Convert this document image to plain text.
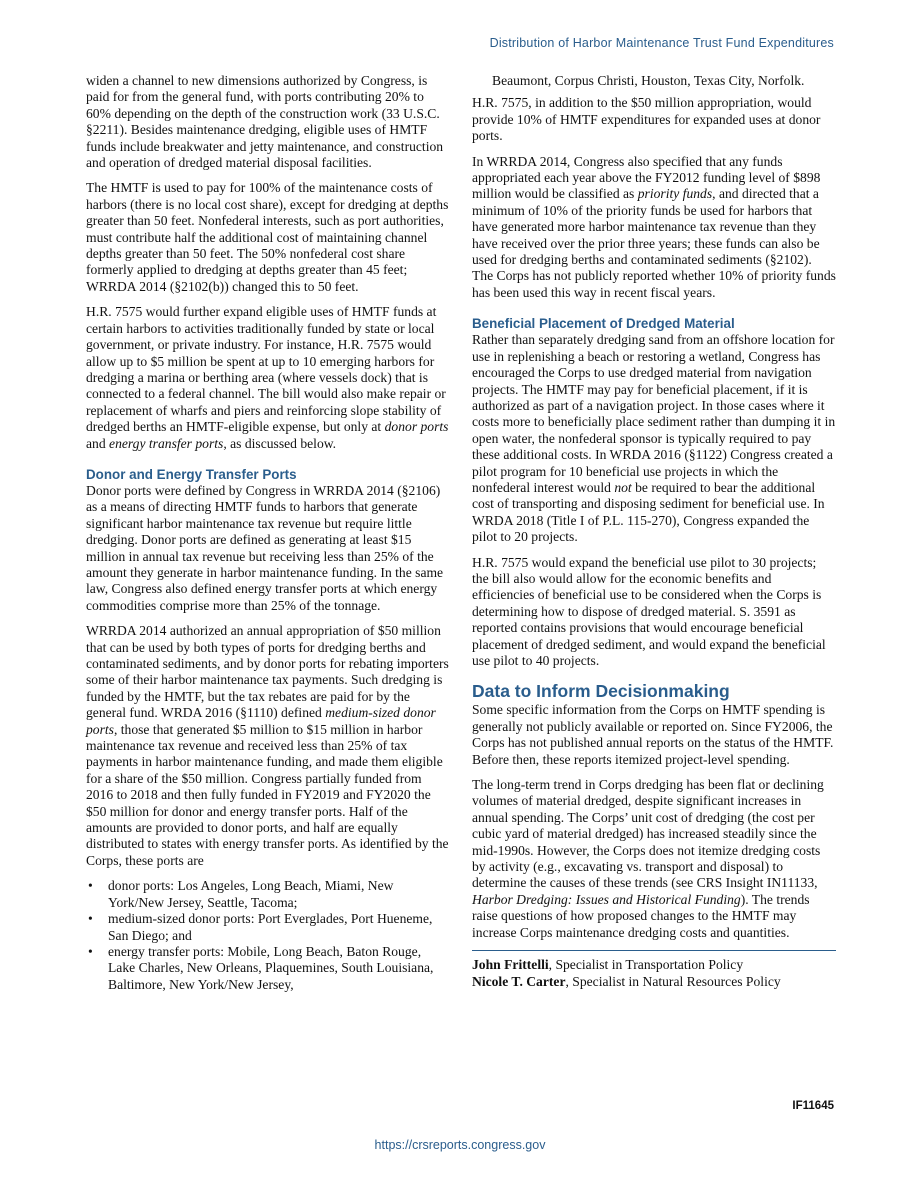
Distribution of Harbor Maintenance Trust Fund Expenditures

widen a channel to new dimensions authorized by Congress, is paid for from the general fund, with ports contributing 20% to 60% depending on the depth of the construction work (33 U.S.C. §2211). Besides maintenance dredging, eligible uses of HMTF funds include breakwater and jetty maintenance, and construction and operation of dredged material disposal facilities.

The HMTF is used to pay for 100% of the maintenance costs of harbors (there is no local cost share), except for dredging at depths greater than 50 feet. Nonfederal interests, such as port authorities, must contribute half the additional cost of maintaining channel depths greater than 50 feet. The 50% nonfederal cost share formerly applied to dredging at depths greater than 45 feet; WRRDA 2014 (§2102(b)) changed this to 50 feet.

H.R. 7575 would further expand eligible uses of HMTF funds at certain harbors to activities traditionally funded by state or local government, or private industry. For instance, H.R. 7575 would allow up to $5 million be spent at up to 10 emerging harbors for dredging a marina or berthing area (where vessels dock) that is connected to a federal channel. The bill would also make repair or replacement of wharfs and piers and reinforcing slope stability of dredged berths an HMTF-eligible expense, but only at donor ports and energy transfer ports, as discussed below.

Donor and Energy Transfer Ports

Donor ports were defined by Congress in WRRDA 2014 (§2106) as a means of directing HMTF funds to harbors that generate significant harbor maintenance tax revenue but require little dredging. Donor ports are defined as generating at least $15 million in annual tax revenue but receiving less than 25% of the amount they generate in harbor maintenance funding. In the same law, Congress also defined energy transfer ports at which energy commodities comprise more than 25% of the tonnage.

WRRDA 2014 authorized an annual appropriation of $50 million that can be used by both types of ports for dredging berths and contaminated sediments, and by donor ports for rebating importers some of their harbor maintenance tax payments. Such dredging is funded by the HMTF, but the tax rebates are paid for by the general fund. WRDA 2016 (§1110) defined medium-sized donor ports, those that generated $5 million to $15 million in harbor maintenance tax revenue and received less than 25% of tax payments in harbor maintenance funding, and made them eligible for a share of the $50 million. Congress partially funded from 2016 to 2018 and then fully funded in FY2019 and FY2020 the $50 million for donor and energy transfer ports. Half of the amounts are provided to donor ports, and half are equally distributed to states with energy transfer ports. As identified by the Corps, these ports are

• donor ports: Los Angeles, Long Beach, Miami, New York/New Jersey, Seattle, Tacoma;
• medium-sized donor ports: Port Everglades, Port Hueneme, San Diego; and
• energy transfer ports: Mobile, Long Beach, Baton Rouge, Lake Charles, New Orleans, Plaquemines, South Louisiana, Baltimore, New York/New Jersey,
Beaumont, Corpus Christi, Houston, Texas City, Norfolk.

H.R. 7575, in addition to the $50 million appropriation, would provide 10% of HMTF expenditures for expanded uses at donor ports.

In WRRDA 2014, Congress also specified that any funds appropriated each year above the FY2012 funding level of $898 million would be classified as priority funds, and directed that a minimum of 10% of the priority funds be used for harbors that have generated more harbor maintenance tax revenue than they have received over the prior three years; these funds can also be used for dredging berths and contaminated sediments (§2102). The Corps has not publicly reported whether 10% of priority funds has been used this way in recent fiscal years.

Beneficial Placement of Dredged Material

Rather than separately dredging sand from an offshore location for use in replenishing a beach or restoring a wetland, Congress has encouraged the Corps to use dredged material from navigation projects. The HMTF may pay for beneficial placement, if it is authorized as part of a navigation project. In those cases where it costs more to beneficially place sediment rather than dumping it in open water, the nonfederal sponsor is typically required to pay these additional costs. In WRDA 2016 (§1122) Congress created a pilot program for 10 beneficial use projects in which the nonfederal interest would not be required to bear the additional cost of transporting and disposing sediment for beneficial use. In WRDA 2018 (Title I of P.L. 115-270), Congress expanded the pilot to 20 projects.

H.R. 7575 would expand the beneficial use pilot to 30 projects; the bill also would allow for the economic benefits and efficiencies of beneficial use to be considered when the Corps is determining how to dispose of dredged material. S. 3591 as reported contains provisions that would encourage beneficial placement of dredged sediment, and would expand the beneficial use pilot to 40 projects.

Data to Inform Decisionmaking

Some specific information from the Corps on HMTF spending is generally not publicly available or reported on. Since FY2006, the Corps has not published annual reports on the status of the HMTF. Before then, these reports itemized project-level spending.

The long-term trend in Corps dredging has been flat or declining volumes of material dredged, despite significant increases in annual spending. The Corps’ unit cost of dredging (the cost per cubic yard of material dredged) has increased steadily since the mid-1990s. However, the Corps does not itemize dredging costs by activity (e.g., excavating vs. transport and disposal) to determine the causes of these trends (see CRS Insight IN11133, Harbor Dredging: Issues and Historical Funding). The trends raise questions of how proposed changes to the HMTF may increase Corps maintenance dredging costs and quantities.

John Frittelli, Specialist in Transportation Policy

Nicole T. Carter, Specialist in Natural Resources Policy

IF11645
https://crsreports.congress.gov
